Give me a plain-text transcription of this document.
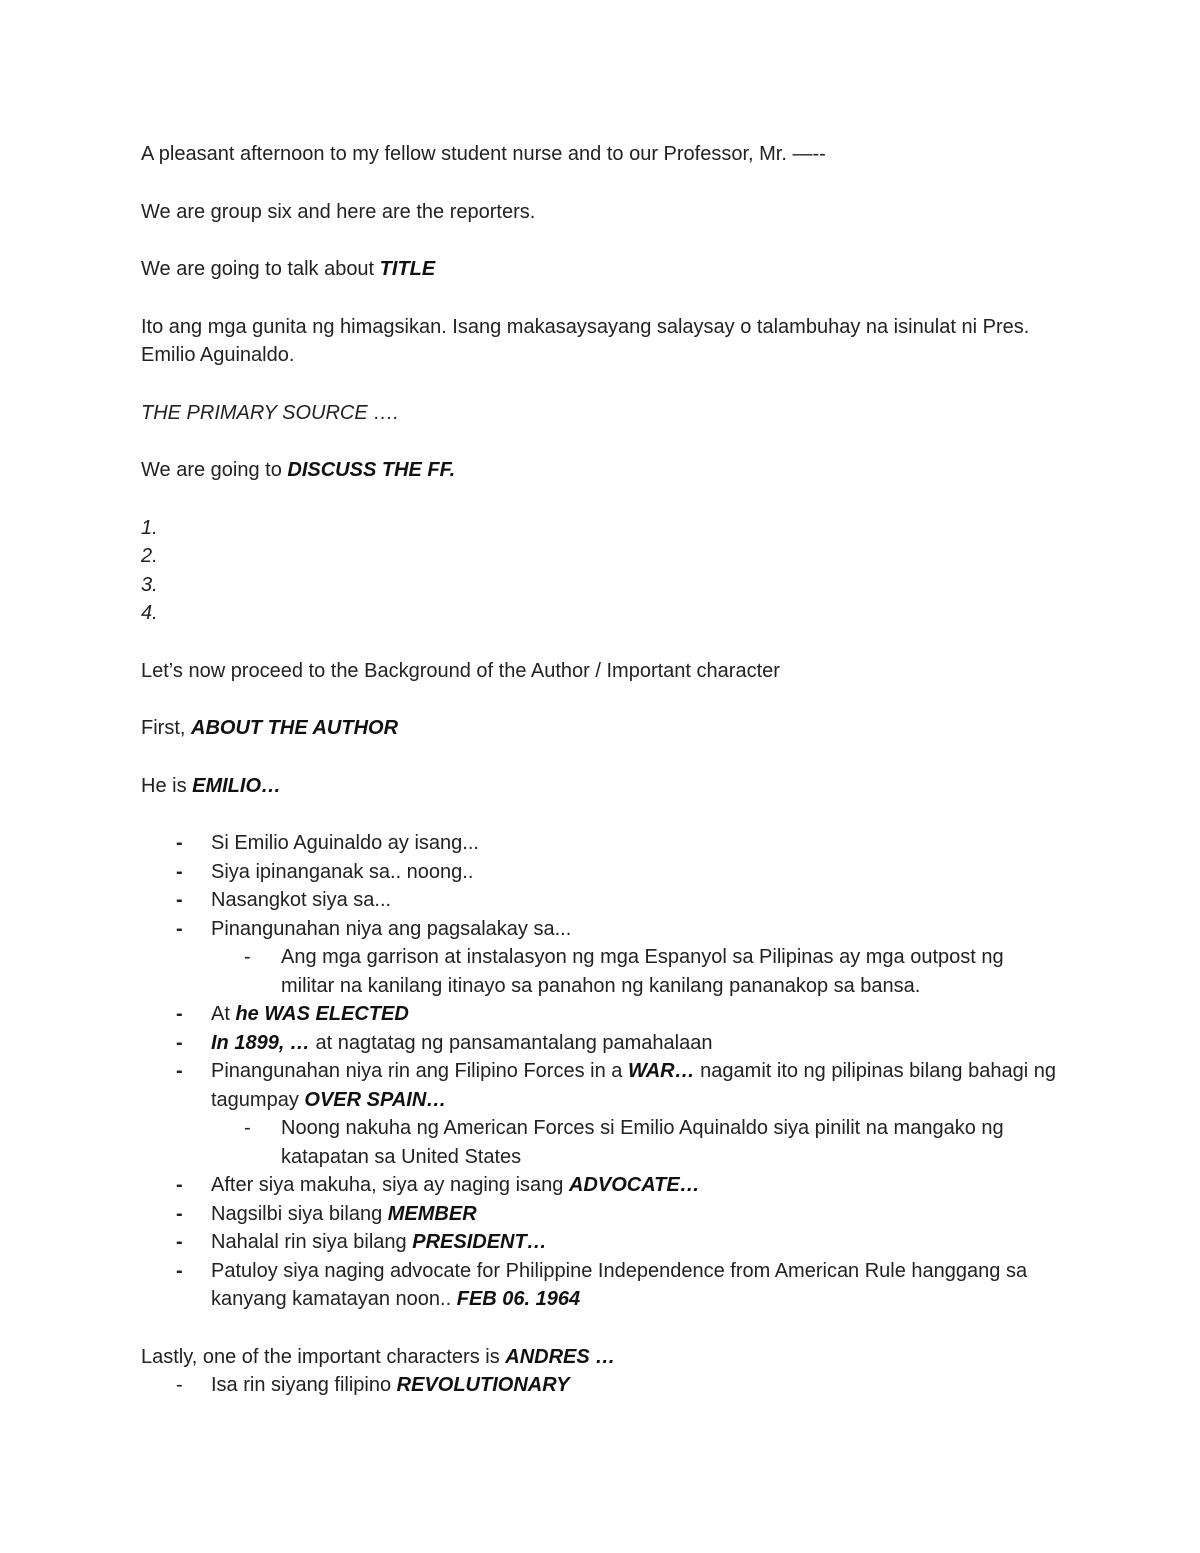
A pleasant afternoon to my fellow student nurse and to our Professor, Mr. —--

We are group six and here are the reporters.

We are going to talk about TITLE

Ito ang mga gunita ng himagsikan. Isang makasaysayang salaysay o talambuhay na isinulat ni Pres. Emilio Aguinaldo.

THE PRIMARY SOURCE ….

We are going to DISCUSS THE FF.

1.
2.
3.
4.

Let’s now proceed to the Background of the Author / Important character

First, ABOUT THE AUTHOR

He is EMILIO…

- Si Emilio Aguinaldo ay isang...
- Siya ipinanganak sa.. noong..
- Nasangkot siya sa...
- Pinangunahan niya ang pagsalakay sa...
- Ang mga garrison at instalasyon ng mga Espanyol sa Pilipinas ay mga outpost ng militar na kanilang itinayo sa panahon ng kanilang pananakop sa bansa.
- At he WAS ELECTED
- In 1899, … at nagtatag ng pansamantalang pamahalaan
- Pinangunahan niya rin ang Filipino Forces in a WAR… nagamit ito ng pilipinas bilang bahagi ng tagumpay OVER SPAIN…
- Noong nakuha ng American Forces si Emilio Aquinaldo siya pinilit na mangako ng katapatan sa United States
- After siya makuha, siya ay naging isang ADVOCATE…
- Nagsilbi siya bilang MEMBER
- Nahalal rin siya bilang PRESIDENT…
- Patuloy siya naging advocate for Philippine Independence from American Rule hanggang sa kanyang kamatayan noon.. FEB 06. 1964

Lastly, one of the important characters is ANDRES …

- Isa rin siyang filipino REVOLUTIONARY
